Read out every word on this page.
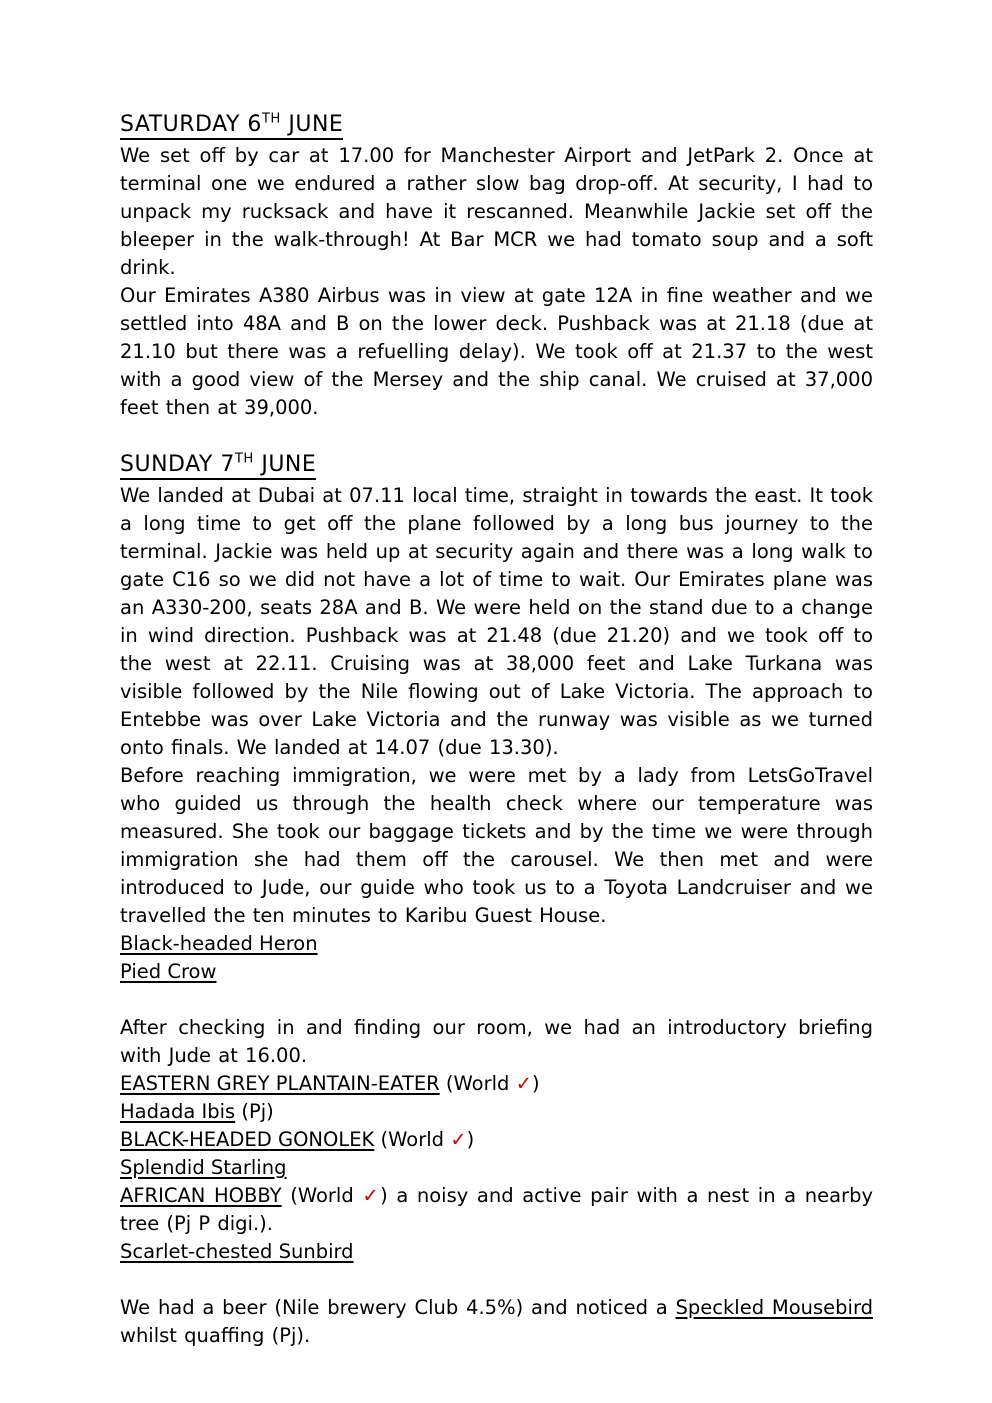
SATURDAY 6TH JUNE

We set off by car at 17.00 for Manchester Airport and JetPark 2. Once at terminal one we endured a rather slow bag drop-off. At security, I had to unpack my rucksack and have it rescanned. Meanwhile Jackie set off the bleeper in the walk-through! At Bar MCR we had tomato soup and a soft drink.

Our Emirates A380 Airbus was in view at gate 12A in fine weather and we settled into 48A and B on the lower deck. Pushback was at 21.18 (due at 21.10 but there was a refuelling delay). We took off at 21.37 to the west with a good view of the Mersey and the ship canal. We cruised at 37,000 feet then at 39,000.

SUNDAY 7TH JUNE

We landed at Dubai at 07.11 local time, straight in towards the east. It took a long time to get off the plane followed by a long bus journey to the terminal. Jackie was held up at security again and there was a long walk to gate C16 so we did not have a lot of time to wait. Our Emirates plane was an A330-200, seats 28A and B. We were held on the stand due to a change in wind direction. Pushback was at 21.48 (due 21.20) and we took off to the west at 22.11. Cruising was at 38,000 feet and Lake Turkana was visible followed by the Nile flowing out of Lake Victoria. The approach to Entebbe was over Lake Victoria and the runway was visible as we turned onto finals. We landed at 14.07 (due 13.30).

Before reaching immigration, we were met by a lady from LetsGoTravel who guided us through the health check where our temperature was measured. She took our baggage tickets and by the time we were through immigration she had them off the carousel. We then met and were introduced to Jude, our guide who took us to a Toyota Landcruiser and we travelled the ten minutes to Karibu Guest House.

Black-headed Heron

Pied Crow

After checking in and finding our room, we had an introductory briefing with Jude at 16.00.

EASTERN GREY PLANTAIN-EATER (World ✓)

Hadada Ibis (Pj)

BLACK-HEADED GONOLEK (World ✓)

Splendid Starling

AFRICAN HOBBY (World ✓) a noisy and active pair with a nest in a nearby tree (Pj P digi.).

Scarlet-chested Sunbird

We had a beer (Nile brewery Club 4.5%) and noticed a Speckled Mousebird whilst quaffing (Pj).
